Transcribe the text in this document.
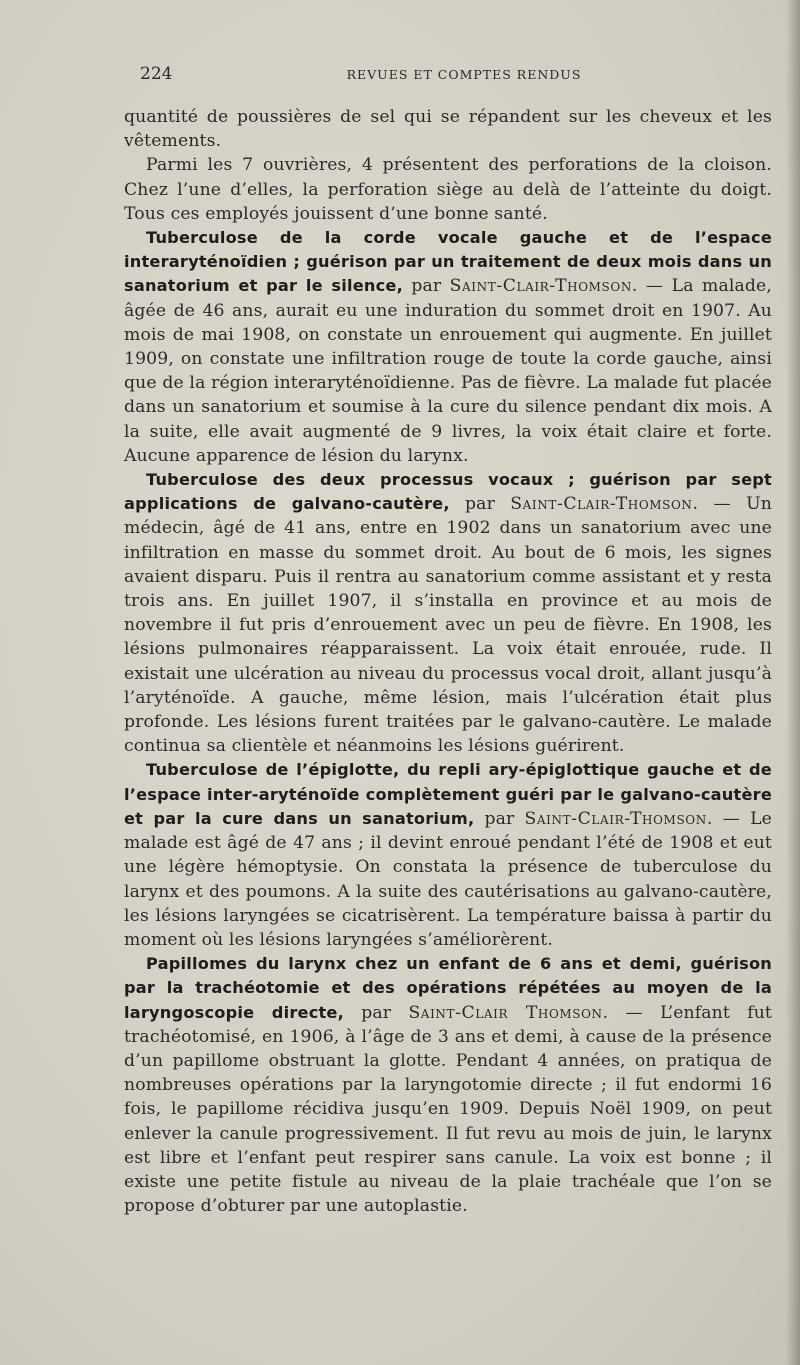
224	REVUES ET COMPTES RENDUS

quantité de poussières de sel qui se répandent sur les cheveux et les vêtements.

Parmi les 7 ouvrières, 4 présentent des perforations de la cloison. Chez l’une d’elles, la perforation siège au delà de l’atteinte du doigt. Tous ces employés jouissent d’une bonne santé.

Tuberculose de la corde vocale gauche et de l’espace interaryténoïdien ; guérison par un traitement de deux mois dans un sanatorium et par le silence, par Saint-Clair-Thomson. — La malade, âgée de 46 ans, aurait eu une induration du sommet droit en 1907. Au mois de mai 1908, on constate un enrouement qui augmente. En juillet 1909, on constate une infiltration rouge de toute la corde gauche, ainsi que de la région interaryténoïdienne. Pas de fièvre. La malade fut placée dans un sanatorium et soumise à la cure du silence pendant dix mois. A la suite, elle avait augmenté de 9 livres, la voix était claire et forte. Aucune apparence de lésion du larynx.

Tuberculose des deux processus vocaux ; guérison par sept applications de galvano-cautère, par Saint-Clair-Thomson. — Un médecin, âgé de 41 ans, entre en 1902 dans un sanatorium avec une infiltration en masse du sommet droit. Au bout de 6 mois, les signes avaient disparu. Puis il rentra au sanatorium comme assistant et y resta trois ans. En juillet 1907, il s’installa en province et au mois de novembre il fut pris d’enrouement avec un peu de fièvre. En 1908, les lésions pulmonaires réapparaissent. La voix était enrouée, rude. Il existait une ulcération au niveau du processus vocal droit, allant jusqu’à l’aryténoïde. A gauche, même lésion, mais l’ulcération était plus profonde. Les lésions furent traitées par le galvano-cautère. Le malade continua sa clientèle et néanmoins les lésions guérirent.

Tuberculose de l’épiglotte, du repli ary-épiglottique gauche et de l’espace inter-aryténoïde complètement guéri par le galvano-cautère et par la cure dans un sanatorium, par Saint-Clair-Thomson. — Le malade est âgé de 47 ans ; il devint enroué pendant l’été de 1908 et eut une légère hémoptysie. On constata la présence de tuberculose du larynx et des poumons. A la suite des cautérisations au galvano-cautère, les lésions laryngées se cicatrisèrent. La température baissa à partir du moment où les lésions laryngées s’améliorèrent.

Papillomes du larynx chez un enfant de 6 ans et demi, guérison par la trachéotomie et des opérations répétées au moyen de la laryngoscopie directe, par Saint-Clair Thomson. — L’enfant fut trachéotomisé, en 1906, à l’âge de 3 ans et demi, à cause de la présence d’un papillome obstruant la glotte. Pendant 4 années, on pratiqua de nombreuses opérations par la laryngotomie directe ; il fut endormi 16 fois, le papillome récidiva jusqu’en 1909. Depuis Noël 1909, on peut enlever la canule progressivement. Il fut revu au mois de juin, le larynx est libre et l’enfant peut respirer sans canule. La voix est bonne ; il existe une petite fistule au niveau de la plaie trachéale que l’on se propose d’obturer par une autoplastie.
